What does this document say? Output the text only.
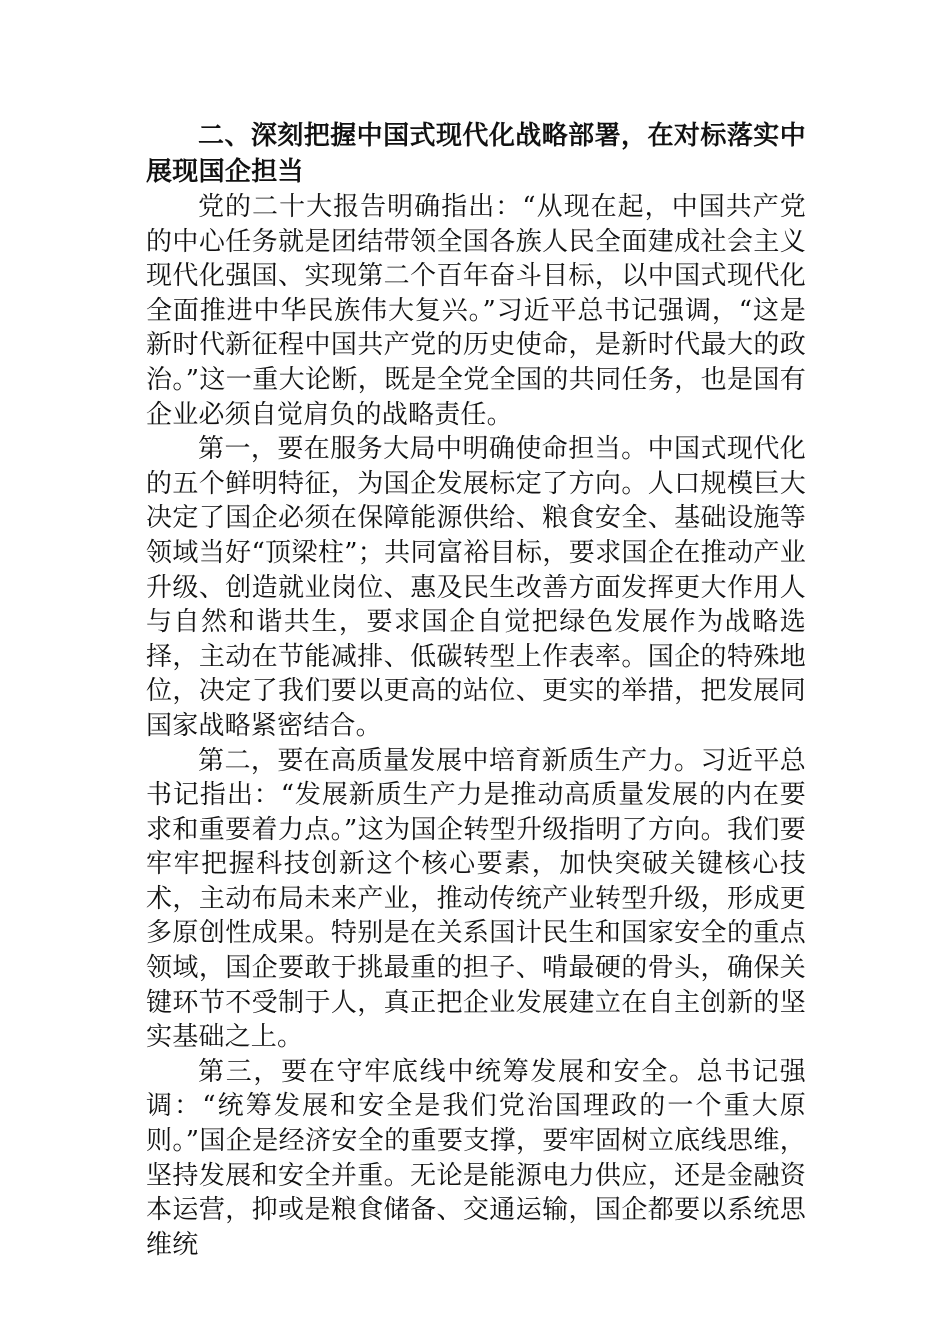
二、深刻把握中国式现代化战略部署，在对标落实中展现国企担当

党的二十大报告明确指出：“从现在起，中国共产党的中心任务就是团结带领全国各族人民全面建成社会主义现代化强国、实现第二个百年奋斗目标，以中国式现代化全面推进中华民族伟大复兴。”习近平总书记强调，“这是新时代新征程中国共产党的历史使命，是新时代最大的政治。”这一重大论断，既是全党全国的共同任务，也是国有企业必须自觉肩负的战略责任。

第一，要在服务大局中明确使命担当。中国式现代化的五个鲜明特征，为国企发展标定了方向。人口规模巨大决定了国企必须在保障能源供给、粮食安全、基础设施等领域当好“顶梁柱”；共同富裕目标，要求国企在推动产业升级、创造就业岗位、惠及民生改善方面发挥更大作用人与自然和谐共生，要求国企自觉把绿色发展作为战略选择，主动在节能减排、低碳转型上作表率。国企的特殊地位，决定了我们要以更高的站位、更实的举措，把发展同国家战略紧密结合。

第二，要在高质量发展中培育新质生产力。习近平总书记指出：“发展新质生产力是推动高质量发展的内在要求和重要着力点。”这为国企转型升级指明了方向。我们要牢牢把握科技创新这个核心要素，加快突破关键核心技术，主动布局未来产业，推动传统产业转型升级，形成更多原创性成果。特别是在关系国计民生和国家安全的重点领域，国企要敢于挑最重的担子、啃最硬的骨头，确保关键环节不受制于人，真正把企业发展建立在自主创新的坚实基础之上。

第三，要在守牢底线中统筹发展和安全。总书记强调：“统筹发展和安全是我们党治国理政的一个重大原则。”国企是经济安全的重要支撑，要牢固树立底线思维，坚持发展和安全并重。无论是能源电力供应，还是金融资本运营，抑或是粮食储备、交通运输，国企都要以系统思维统
